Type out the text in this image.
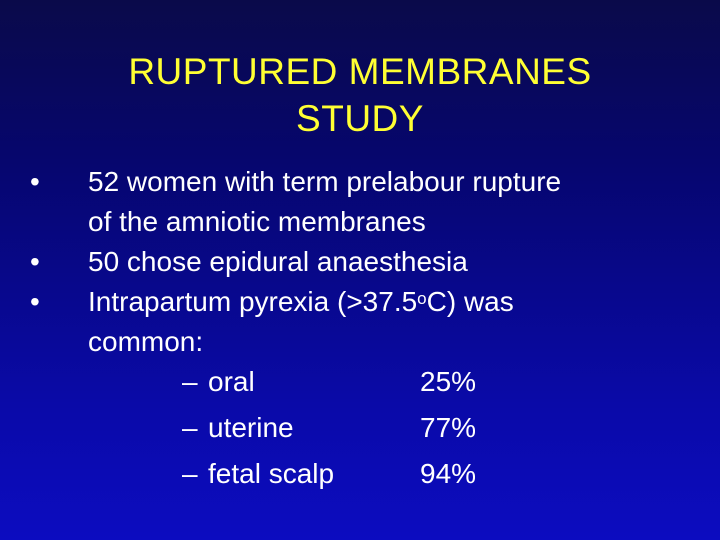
RUPTURED MEMBRANES
STUDY
•	52 women with term prelabour rupture
of the amniotic membranes
•	50 chose epidural anaesthesia
•	Intrapartum pyrexia $(>37.5^oC)$ was
common:
– oral	25%
– uterine	77%
– fetal scalp	94%
